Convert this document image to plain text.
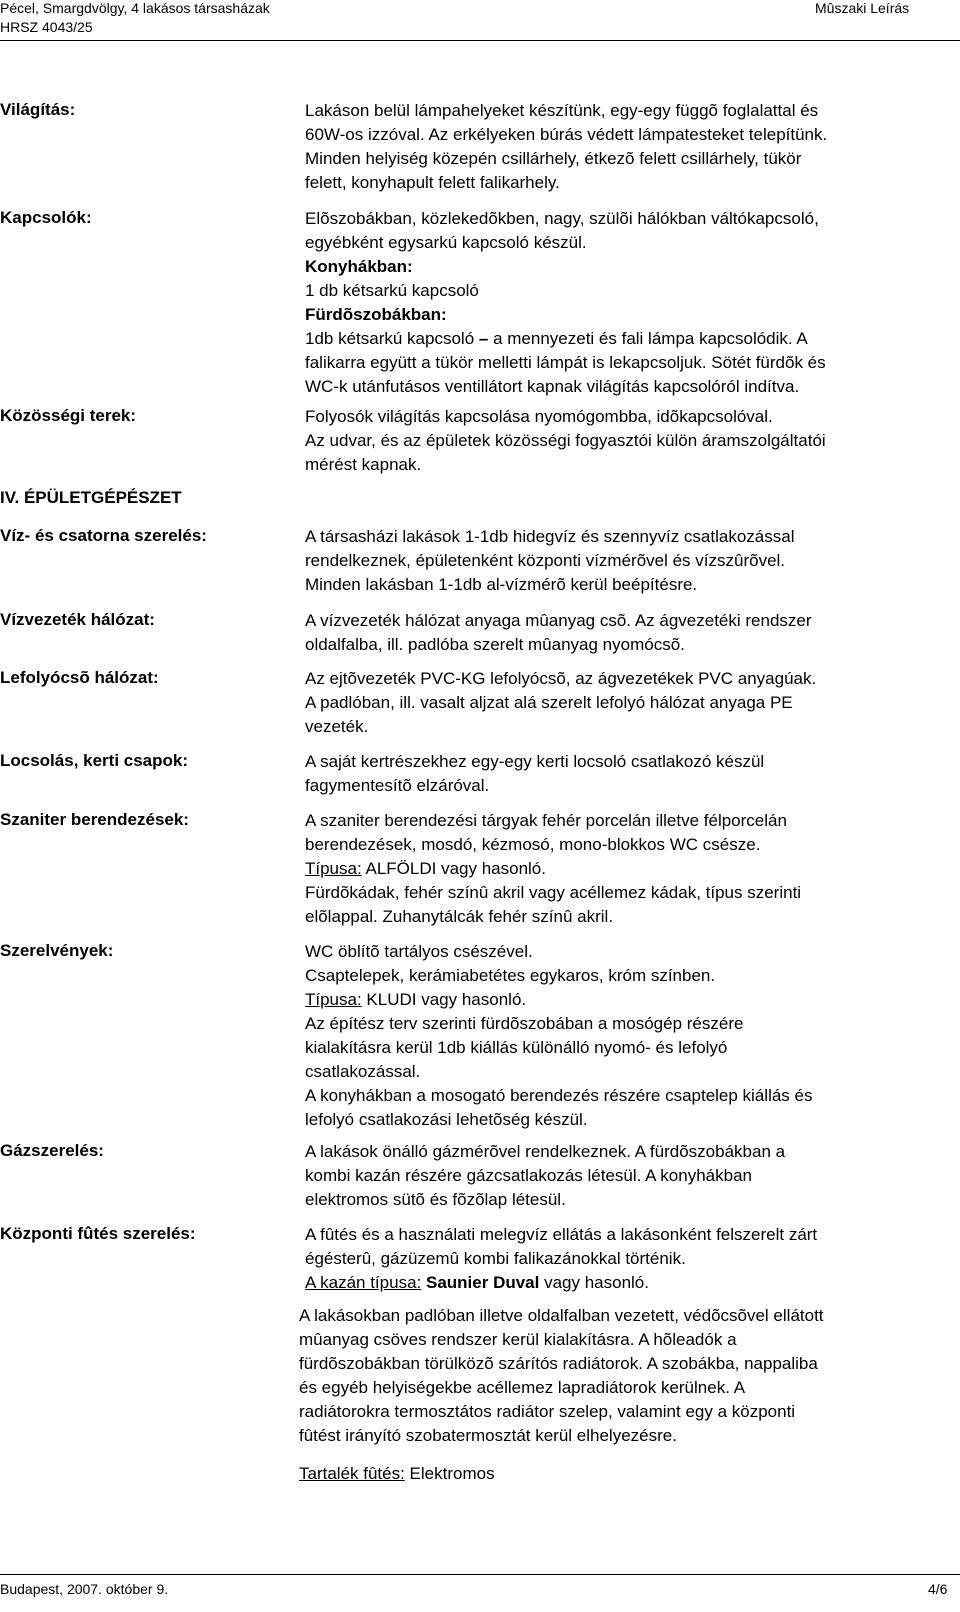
Pécel, Smargdvölgy, 4 lakásos társasházak
HRSZ 4043/25
Mûszaki Leírás
Világítás:
Kapcsolók:
Közösségi terek:
IV. ÉPÜLETGÉPÉSZET
Víz- és csatorna szerelés:
Vízvezeték hálózat:
Lefolyócsõ hálózat:
Locsolás, kerti csapok:
Szaniter berendezések:
Szerelvények:
Gázszerelés:
Központi fûtés szerelés:

Lakáson belül lámpahelyeket készítünk, egy-egy függõ foglalattal és

60W-os izzóval. Az erkélyeken búrás védett lámpatesteket telepítünk.

Minden helyiség közepén csillárhely, étkezõ felett csillárhely, tükör

felett, konyhapult felett falikarhely.

Elõszobákban, közlekedõkben, nagy, szülõi hálókban váltókapcsoló,

egyébként egysarkú kapcsoló készül.

Konyhákban:

1 db kétsarkú kapcsoló

Fürdõszobákban:

1db kétsarkú kapcsoló – a mennyezeti és fali lámpa kapcsolódik. A

falikarra együtt a tükör melletti lámpát is lekapcsoljuk. Sötét fürdõk és

WC-k utánfutásos ventillátort kapnak világítás kapcsolóról indítva.

Folyosók világítás kapcsolása nyomógombba, idõkapcsolóval.

Az udvar, és az épületek közösségi fogyasztói külön áramszolgáltatói

mérést kapnak.

A társasházi lakások 1-1db hidegvíz és szennyvíz csatlakozással

rendelkeznek, épületenként központi vízmérõvel és vízszûrõvel.

Minden lakásban 1-1db al-vízmérõ kerül beépítésre.

A vízvezeték hálózat anyaga mûanyag csõ. Az ágvezetéki rendszer

oldalfalba, ill. padlóba szerelt mûanyag nyomócsõ.

Az ejtõvezeték PVC-KG lefolyócsõ, az ágvezetékek PVC anyagúak.

A padlóban, ill. vasalt aljzat alá szerelt lefolyó hálózat anyaga PE

vezeték.

A saját kertrészekhez egy-egy kerti locsoló csatlakozó készül

fagymentesítõ elzáróval.

A szaniter berendezési tárgyak fehér porcelán illetve félporcelán

berendezések, mosdó, kézmosó, mono-blokkos WC csésze.

Típusa: ALFÖLDI vagy hasonló.

Fürdõkádak, fehér színû akril vagy acéllemez kádak, típus szerinti

elõlappal. Zuhanytálcák fehér színû akril.

WC öblítõ tartályos csészével.

Csaptelepek, kerámiabetétes egykaros, króm színben.

Típusa: KLUDI vagy hasonló.

Az építész terv szerinti fürdõszobában a mosógép részére

kialakításra kerül 1db kiállás különálló nyomó- és lefolyó

csatlakozással.

A konyhákban a mosogató berendezés részére csaptelep kiállás és

lefolyó csatlakozási lehetõség készül.

A lakások önálló gázmérõvel rendelkeznek. A fürdõszobákban a

kombi kazán részére gázcsatlakozás létesül. A konyhákban

elektromos sütõ és fõzõlap létesül.

A fûtés és a használati melegvíz ellátás a lakásonként felszerelt zárt

égésterû, gázüzemû kombi falikazánokkal történik.

A kazán típusa: Saunier Duval vagy hasonló.

A lakásokban padlóban illetve oldalfalban vezetett, védõcsõvel ellátott

mûanyag csöves rendszer kerül kialakításra. A hõleadók a

fürdõszobákban törülközõ szárítós radiátorok. A szobákba, nappaliba

és egyéb helyiségekbe acéllemez lapradiátorok kerülnek. A

radiátorokra termosztátos radiátor szelep, valamint egy a központi

fûtést irányító szobatermosztát kerül elhelyezésre.

Tartalék fûtés: Elektromos

Budapest, 2007. október 9.	4/6
